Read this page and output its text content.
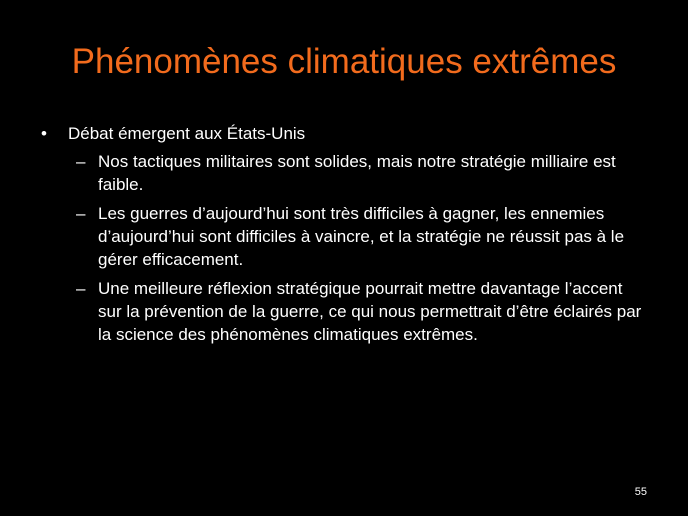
Phénomènes climatiques extrêmes
• Débat émergent aux États-Unis
– Nos tactiques militaires sont solides, mais notre stratégie milliaire est faible.
– Les guerres d’aujourd’hui sont très difficiles à gagner, les ennemies d’aujourd’hui sont difficiles à vaincre, et la stratégie ne réussit pas à le gérer efficacement.
– Une meilleure réflexion stratégique pourrait mettre davantage l’accent sur la prévention de la guerre, ce qui nous permettrait d’être éclairés par la science des phénomènes climatiques extrêmes.
55
